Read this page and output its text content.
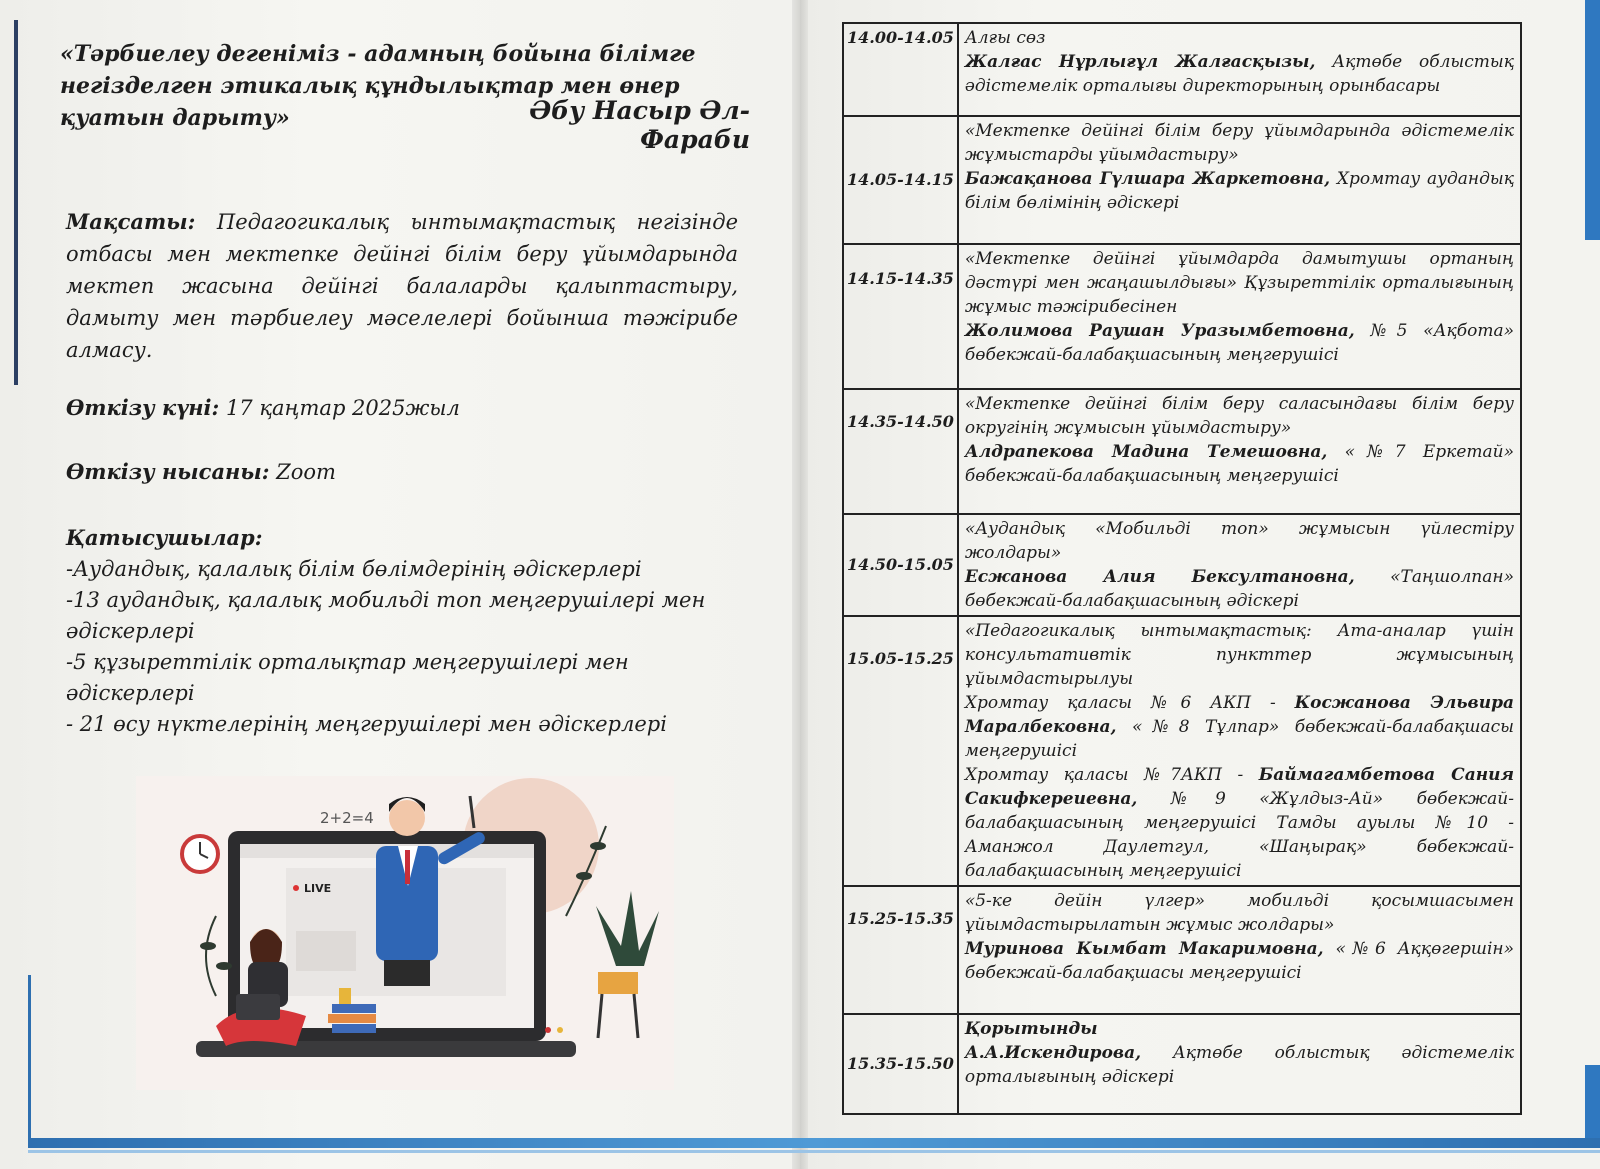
«Тәрбиелеу дегеніміз - адамның бойына білімге негізделген этикалық құндылықтар мен өнер қуатын дарыту»	Әбу Насыр Әл-Фараби
Мақсаты: Педагогикалық ынтымақтастық негізінде отбасы мен мектепке дейінгі білім беру ұйымдарында мектеп жасына дейінгі балаларды қалыптастыру, дамыту мен тәрбиелеу мәселелері бойынша тәжірибе алмасу.
Өткізу күні: 17 қаңтар 2025жыл
Өткізу нысаны: Zoom
Қатысушылар:
-Аудандық, қалалық білім бөлімдерінің әдіскерлері
-13 аудандық, қалалық мобильді топ меңгерушілері мен әдіскерлері
-5 құзыреттілік орталықтар меңгерушілері мен әдіскерлері
- 21 өсу нүктелерінің меңгерушілері мен әдіскерлері
2+2=4
LIVE
14.00-14.05	Алғы сөз
Жалғас Нұрлығұл Жалғасқызы, Ақтөбе облыстық әдістемелік орталығы директорының орынбасары
14.05-14.15	«Мектепке дейінгі білім беру ұйымдарында әдістемелік жұмыстарды ұйымдастыру»
Бажақанова Гүлшара Жаркетовна, Хромтау аудандық білім бөлімінің әдіскері
14.15-14.35	«Мектепке дейінгі ұйымдарда дамытушы ортаның дәстүрі мен жаңашылдығы» Құзыреттілік орталығының жұмыс тәжірибесінен
Жолимова Раушан Уразымбетовна, №5 «Ақбота» бөбекжай-балабақшасының меңгерушісі
14.35-14.50	«Мектепке дейінгі білім беру саласындағы білім беру округінің жұмысын ұйымдастыру»
Алдрапекова Мадина Темешовна, «№7 Еркетай» бөбекжай-балабақшасының меңгерушісі
14.50-15.05	«Аудандық «Мобильді топ» жұмысын үйлестіру жолдары»
Есжанова Алия Бексултановна, «Таңшолпан» бөбекжай-балабақшасының әдіскері
15.05-15.25	«Педагогикалық ынтымақтастық: Ата-аналар үшін консультативтік пункттер жұмысының ұйымдастырылуы
Хромтау қаласы №6 АКП - Косжанова Эльвира Маралбековна, «№8 Тұлпар» бөбекжай-балабақшасы меңгерушісі
Хромтау қаласы №7АКП - Баймагамбетова Сания Сакифкереиевна, №9 «Жұлдыз-Ай» бөбекжай-балабақшасының меңгерушісі Тамды ауылы №10 - Аманжол Даулетгул, «Шаңырақ» бөбекжай-балабақшасының меңгерушісі
15.25-15.35	«5-ке дейін үлгер» мобильді қосымшасымен ұйымдастырылатын жұмыс жолдары»
Муринова Кымбат Макаримовна, «№6 Аққөгершін» бөбекжай-балабақшасы меңгерушісі
15.35-15.50	Қорытынды
А.А.Искендирова, Ақтөбе облыстық әдістемелік орталығының әдіскері
